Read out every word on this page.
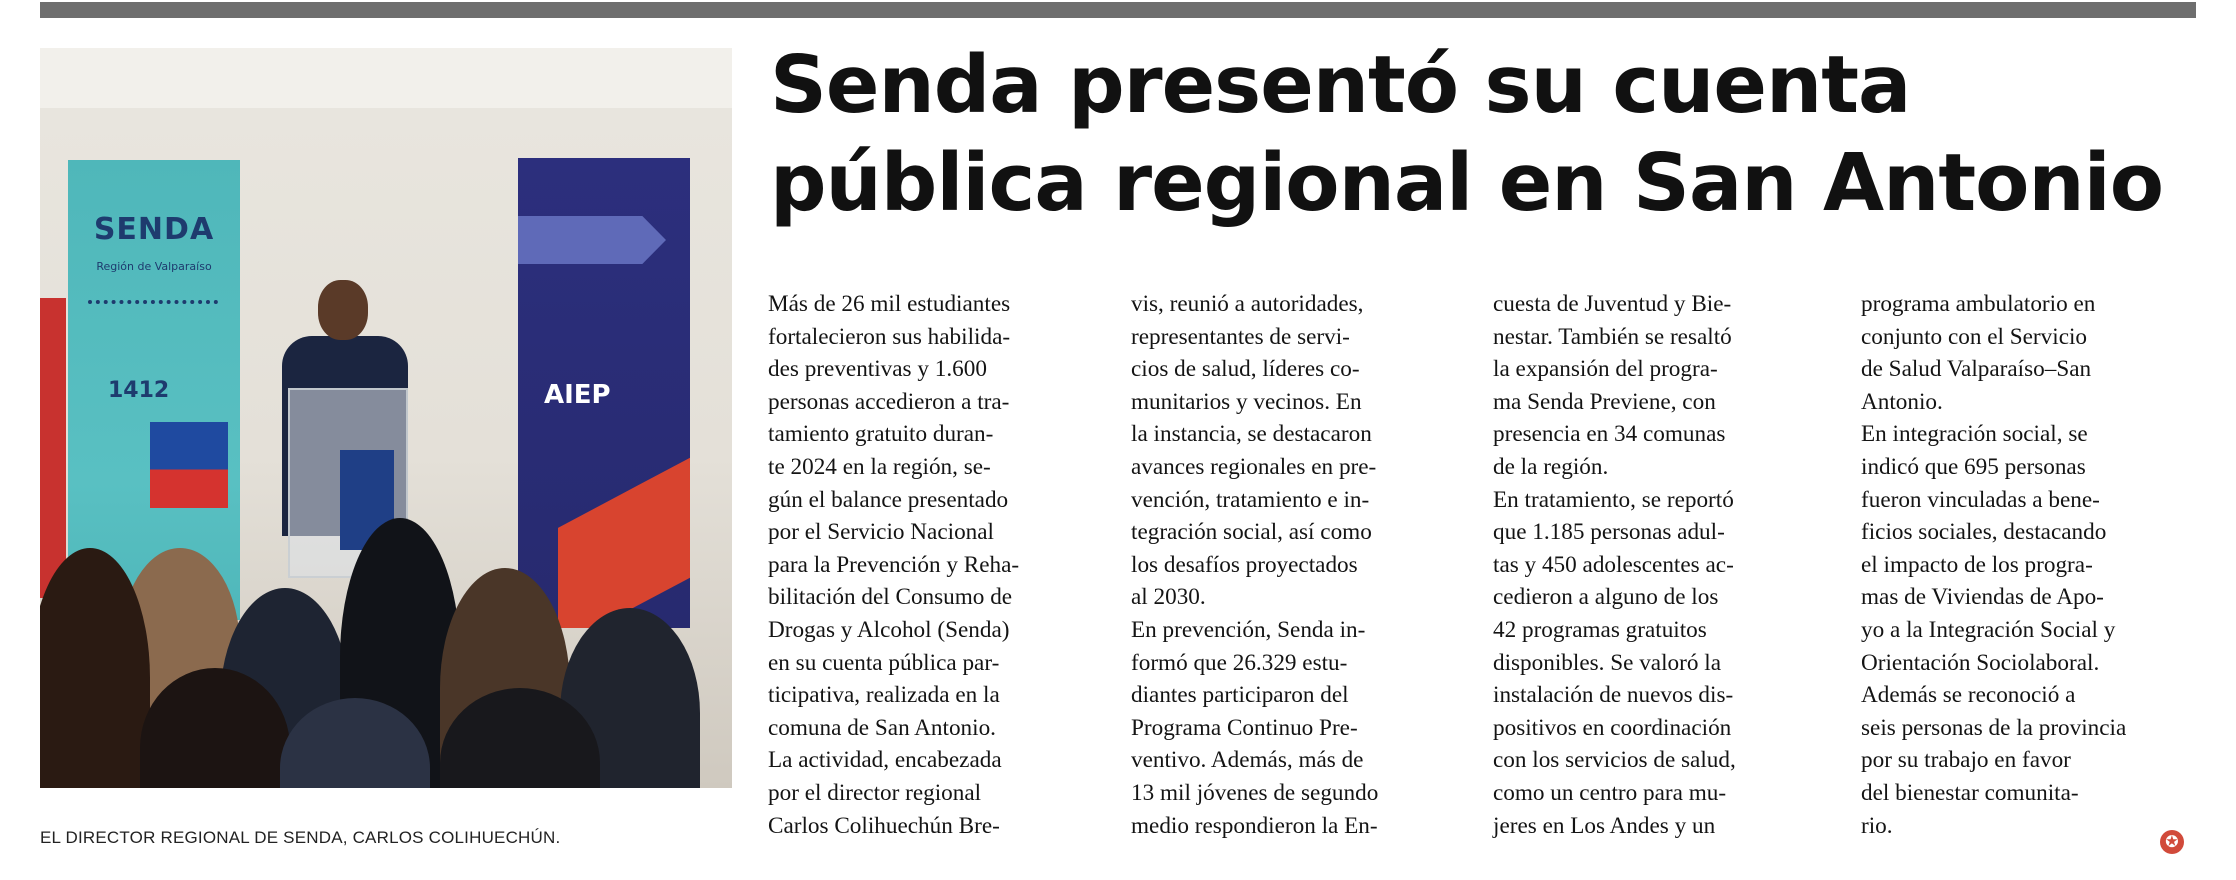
SENDA
Región de Valparaíso
1412	AIEP
EL DIRECTOR REGIONAL DE SENDA, CARLOS COLIHUECHÚN.
Senda presentó su cuenta
pública regional en San Antonio
Más de 26 mil estudiantes
fortalecieron sus habilida-
des preventivas y 1.600
personas accedieron a tra-
tamiento gratuito duran-
te 2024 en la región, se-
gún el balance presentado
por el Servicio Nacional
para la Prevención y Reha-
bilitación del Consumo de
Drogas y Alcohol (Senda)
en su cuenta pública par-
ticipativa, realizada en la
comuna de San Antonio.
La actividad, encabezada
por el director regional
Carlos Colihuechún Bre-
vis, reunió a autoridades,
representantes de servi-
cios de salud, líderes co-
munitarios y vecinos. En
la instancia, se destacaron
avances regionales en pre-
vención, tratamiento e in-
tegración social, así como
los desafíos proyectados
al 2030.
En prevención, Senda in-
formó que 26.329 estu-
diantes participaron del
Programa Continuo Pre-
ventivo. Además, más de
13 mil jóvenes de segundo
medio respondieron la En-
cuesta de Juventud y Bie-
nestar. También se resaltó
la expansión del progra-
ma Senda Previene, con
presencia en 34 comunas
de la región.
En tratamiento, se reportó
que 1.185 personas adul-
tas y 450 adolescentes ac-
cedieron a alguno de los
42 programas gratuitos
disponibles. Se valoró la
instalación de nuevos dis-
positivos en coordinación
con los servicios de salud,
como un centro para mu-
jeres en Los Andes y un
programa ambulatorio en
conjunto con el Servicio
de Salud Valparaíso–San
Antonio.
En integración social, se
indicó que 695 personas
fueron vinculadas a bene-
ficios sociales, destacando
el impacto de los progra-
mas de Viviendas de Apo-
yo a la Integración Social y
Orientación Sociolaboral.
Además se reconoció a
seis personas de la provincia
por su trabajo en favor
del bienestar comunita-
rio.
✪
